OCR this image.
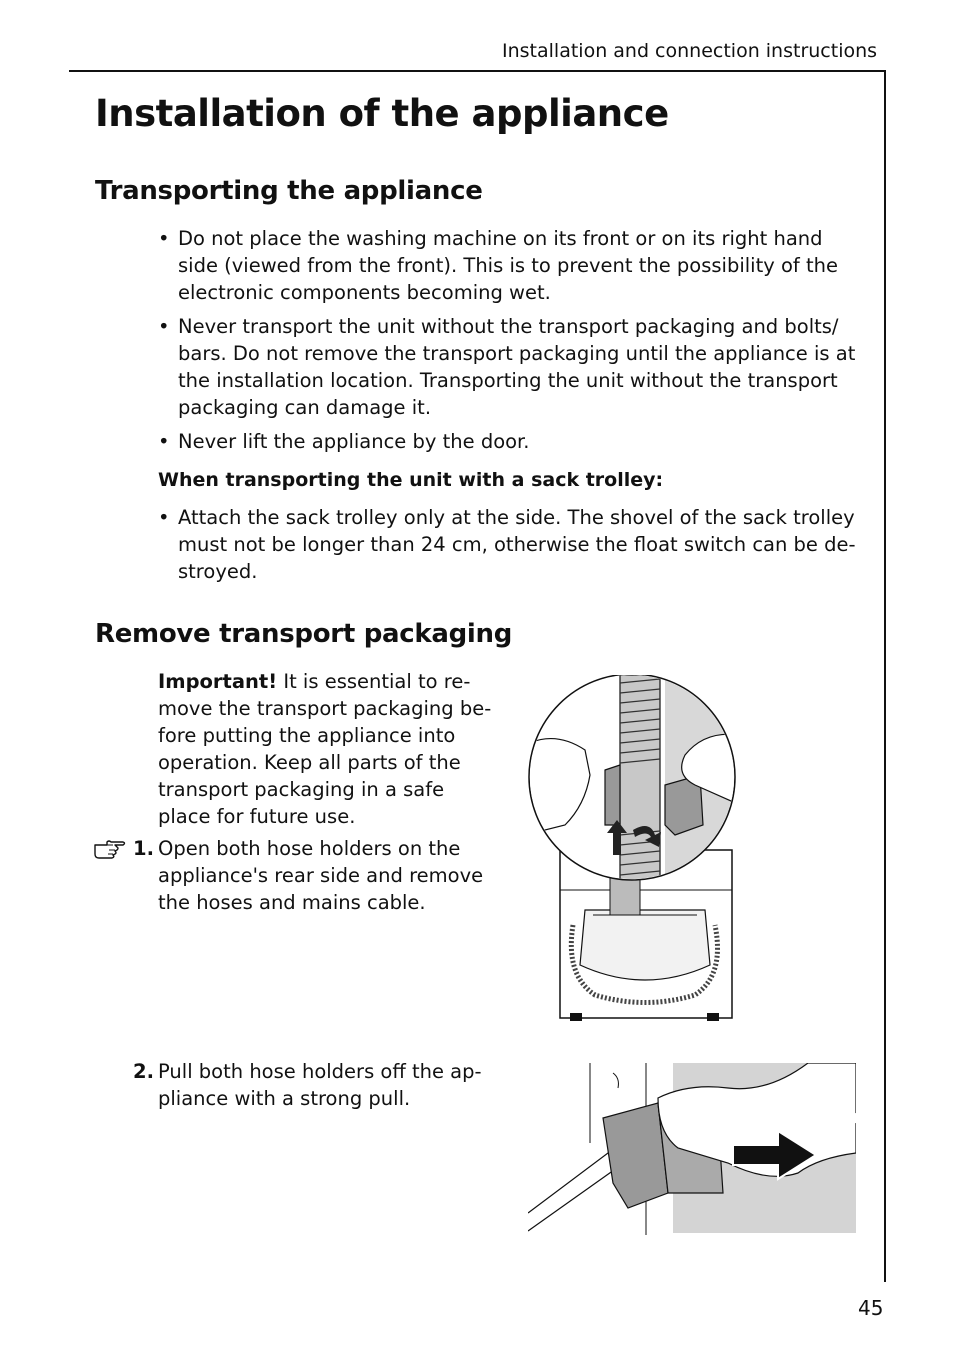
Installation and connection instructions
Installation of the appliance
Transporting the appliance
• Do not place the washing machine on its front or on its right hand
side (viewed from the front). This is to prevent the possibility of the
electronic components becoming wet.
• Never transport the unit without the transport packaging and bolts/
bars. Do not remove the transport packaging until the appliance is at
the installation location. Transporting the unit without the transport
packaging can damage it.
• Never lift the appliance by the door.
When transporting the unit with a sack trolley:
• Attach the sack trolley only at the side. The shovel of the sack trolley
must not be longer than 24 cm, otherwise the float switch can be de-
stroyed.
Remove transport packaging
Important! It is essential to re-
move the transport packaging be-
fore putting the appliance into
operation. Keep all parts of the
transport packaging in a safe
place for future use.
1. Open both hose holders on the
appliance's rear side and remove
the hoses and mains cable.
2. Pull both hose holders off the ap-
pliance with a strong pull.
45
